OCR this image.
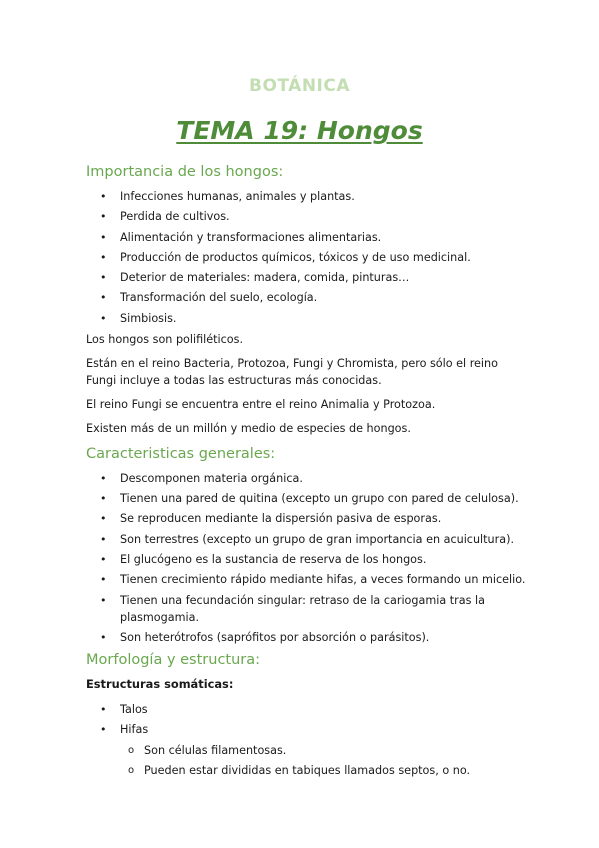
BOTÁNICA
TEMA 19: Hongos
Importancia de los hongos:
• Infecciones humanas, animales y plantas.
• Perdida de cultivos.
• Alimentación y transformaciones alimentarias.
• Producción de productos químicos, tóxicos y de uso medicinal.
• Deterior de materiales: madera, comida, pinturas…
• Transformación del suelo, ecología.
• Simbiosis.

Los hongos son polifiléticos.

Están en el reino Bacteria, Protozoa, Fungi y Chromista, pero sólo el reino Fungi incluye a todas las estructuras más conocidas.

El reino Fungi se encuentra entre el reino Animalia y Protozoa.

Existen más de un millón y medio de especies de hongos.

Caracteristicas generales:
• Descomponen materia orgánica.
• Tienen una pared de quitina (excepto un grupo con pared de celulosa).
• Se reproducen mediante la dispersión pasiva de esporas.
• Son terrestres (excepto un grupo de gran importancia en acuicultura).
• El glucógeno es la sustancia de reserva de los hongos.
• Tienen crecimiento rápido mediante hifas, a veces formando un micelio.
• Tienen una fecundación singular: retraso de la cariogamia tras la plasmogamia.
• Son heterótrofos (saprófitos por absorción o parásitos).
Morfología y estructura:
Estructuras somáticas:
• Talos
• Hifas
o Son células filamentosas.
o Pueden estar divididas en tabiques llamados septos, o no.
